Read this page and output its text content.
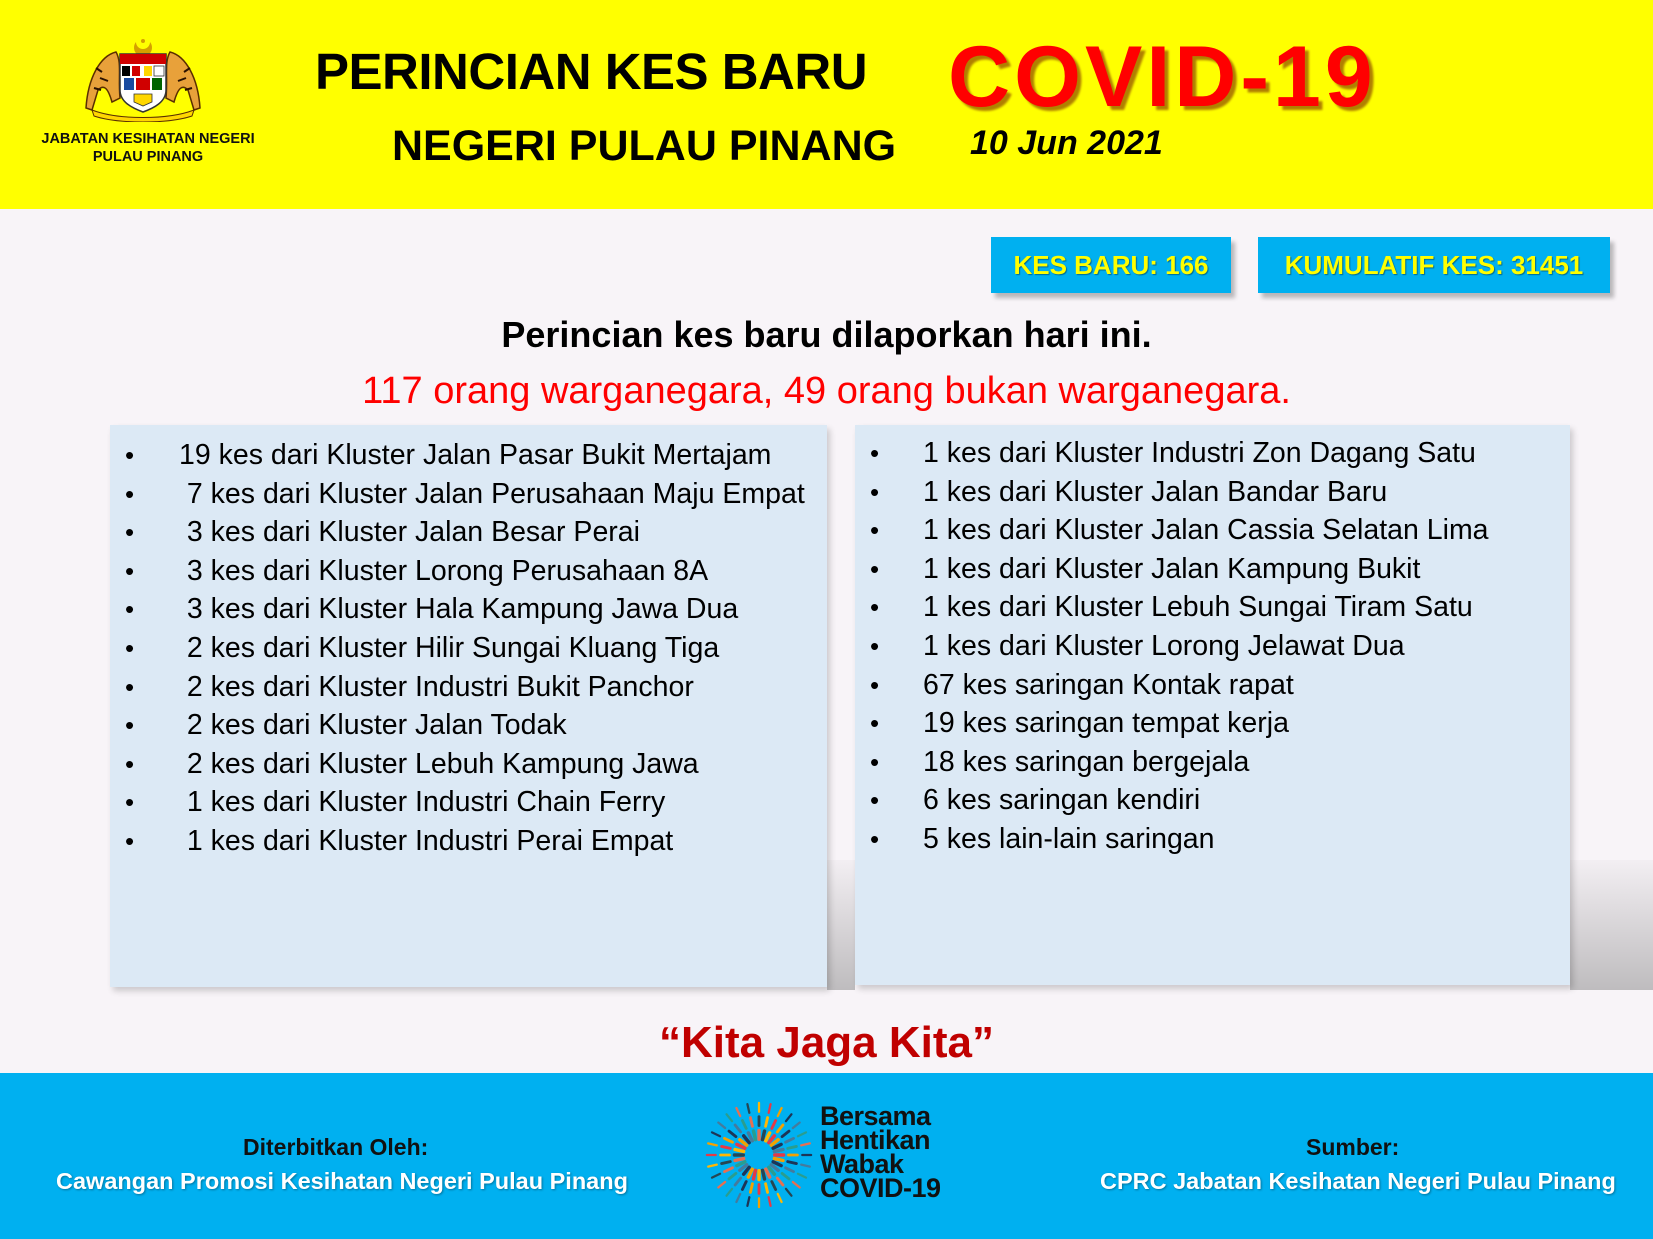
JABATAN KESIHATAN NEGERI
PULAU PINANG
PERINCIAN KES BARU COVID-19
NEGERI PULAU PINANG 10 Jun 2021
KES BARU: 166	KUMULATIF KES: 31451
Perincian kes baru dilaporkan hari ini.
117 orang warganegara, 49 orang bukan warganegara.
• 19 kes dari Kluster Jalan Pasar Bukit Mertajam
• 7 kes dari Kluster Jalan Perusahaan Maju Empat
• 3 kes dari Kluster Jalan Besar Perai
• 3 kes dari Kluster Lorong Perusahaan 8A
• 3 kes dari Kluster Hala Kampung Jawa Dua
• 2 kes dari Kluster Hilir Sungai Kluang Tiga
• 2 kes dari Kluster Industri Bukit Panchor
• 2 kes dari Kluster Jalan Todak
• 2 kes dari Kluster Lebuh Kampung Jawa
• 1 kes dari Kluster Industri Chain Ferry
• 1 kes dari Kluster Industri Perai Empat
• 1 kes dari Kluster Industri Zon Dagang Satu
• 1 kes dari Kluster Jalan Bandar Baru
• 1 kes dari Kluster Jalan Cassia Selatan Lima
• 1 kes dari Kluster Jalan Kampung Bukit
• 1 kes dari Kluster Lebuh Sungai Tiram Satu
• 1 kes dari Kluster Lorong Jelawat Dua
• 67 kes saringan Kontak rapat
• 19 kes saringan tempat kerja
• 18 kes saringan bergejala
• 6 kes saringan kendiri
• 5 kes lain-lain saringan
“Kita Jaga Kita”
Diterbitkan Oleh:
Cawangan Promosi Kesihatan Negeri Pulau Pinang
Bersama
Hentikan
Wabak
COVID-19
Sumber:
CPRC Jabatan Kesihatan Negeri Pulau Pinang
